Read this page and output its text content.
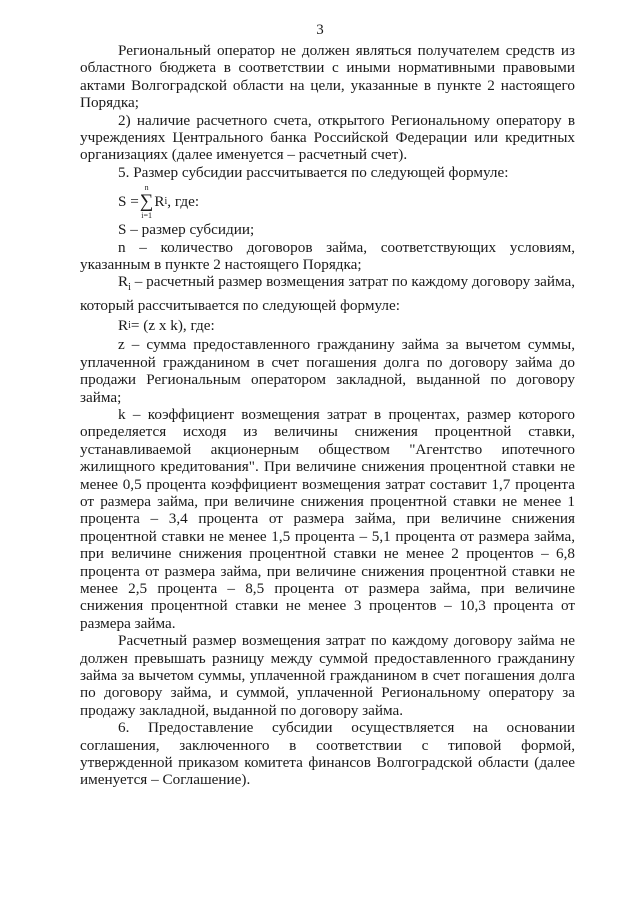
3

Региональный оператор не должен являться получателем средств из областного бюджета в соответствии с иными нормативными правовыми актами Волгоградской области на цели, указанные в пункте 2 настоящего Порядка;

2) наличие расчетного счета, открытого Региональному оператору в учреждениях Центрального банка Российской Федерации или кредитных организациях (далее именуется – расчетный счет).

5. Размер субсидии рассчитывается по следующей формуле:

S =
n
∑
i=1
R i , где:

S – размер субсидии;

n – количество договоров займа, соответствующих условиям, указанным в пункте 2 настоящего Порядка;

$R_i$ – расчетный размер возмещения затрат по каждому договору займа, который рассчитывается по следующей формуле:

R i = (z x k), где:

z – сумма предоставленного гражданину займа за вычетом суммы, уплаченной гражданином в счет погашения долга по договору займа до продажи Региональным оператором закладной, выданной по договору займа;

k – коэффициент возмещения затрат в процентах, размер которого определяется исходя из величины снижения процентной ставки, устанавливаемой акционерным обществом "Агентство ипотечного жилищного кредитования". При величине снижения процентной ставки не менее 0,5 процента коэффициент возмещения затрат составит 1,7 процента от размера займа, при величине снижения процентной ставки не менее 1 процента – 3,4 процента от размера займа, при величине снижения процентной ставки не менее 1,5 процента – 5,1 процента от размера займа, при величине снижения процентной ставки не менее 2 процентов – 6,8 процента от размера займа, при величине снижения процентной ставки не менее 2,5 процента – 8,5 процента от размера займа, при величине снижения процентной ставки не менее 3 процентов – 10,3 процента от размера займа.

Расчетный размер возмещения затрат по каждому договору займа не должен превышать разницу между суммой предоставленного гражданину займа за вычетом суммы, уплаченной гражданином в счет погашения долга по договору займа, и суммой, уплаченной Региональному оператору за продажу закладной, выданной по договору займа.

6. Предоставление субсидии осуществляется на основании соглашения, заключенного в соответствии с типовой формой, утвержденной приказом комитета финансов Волгоградской области (далее именуется – Соглашение).
